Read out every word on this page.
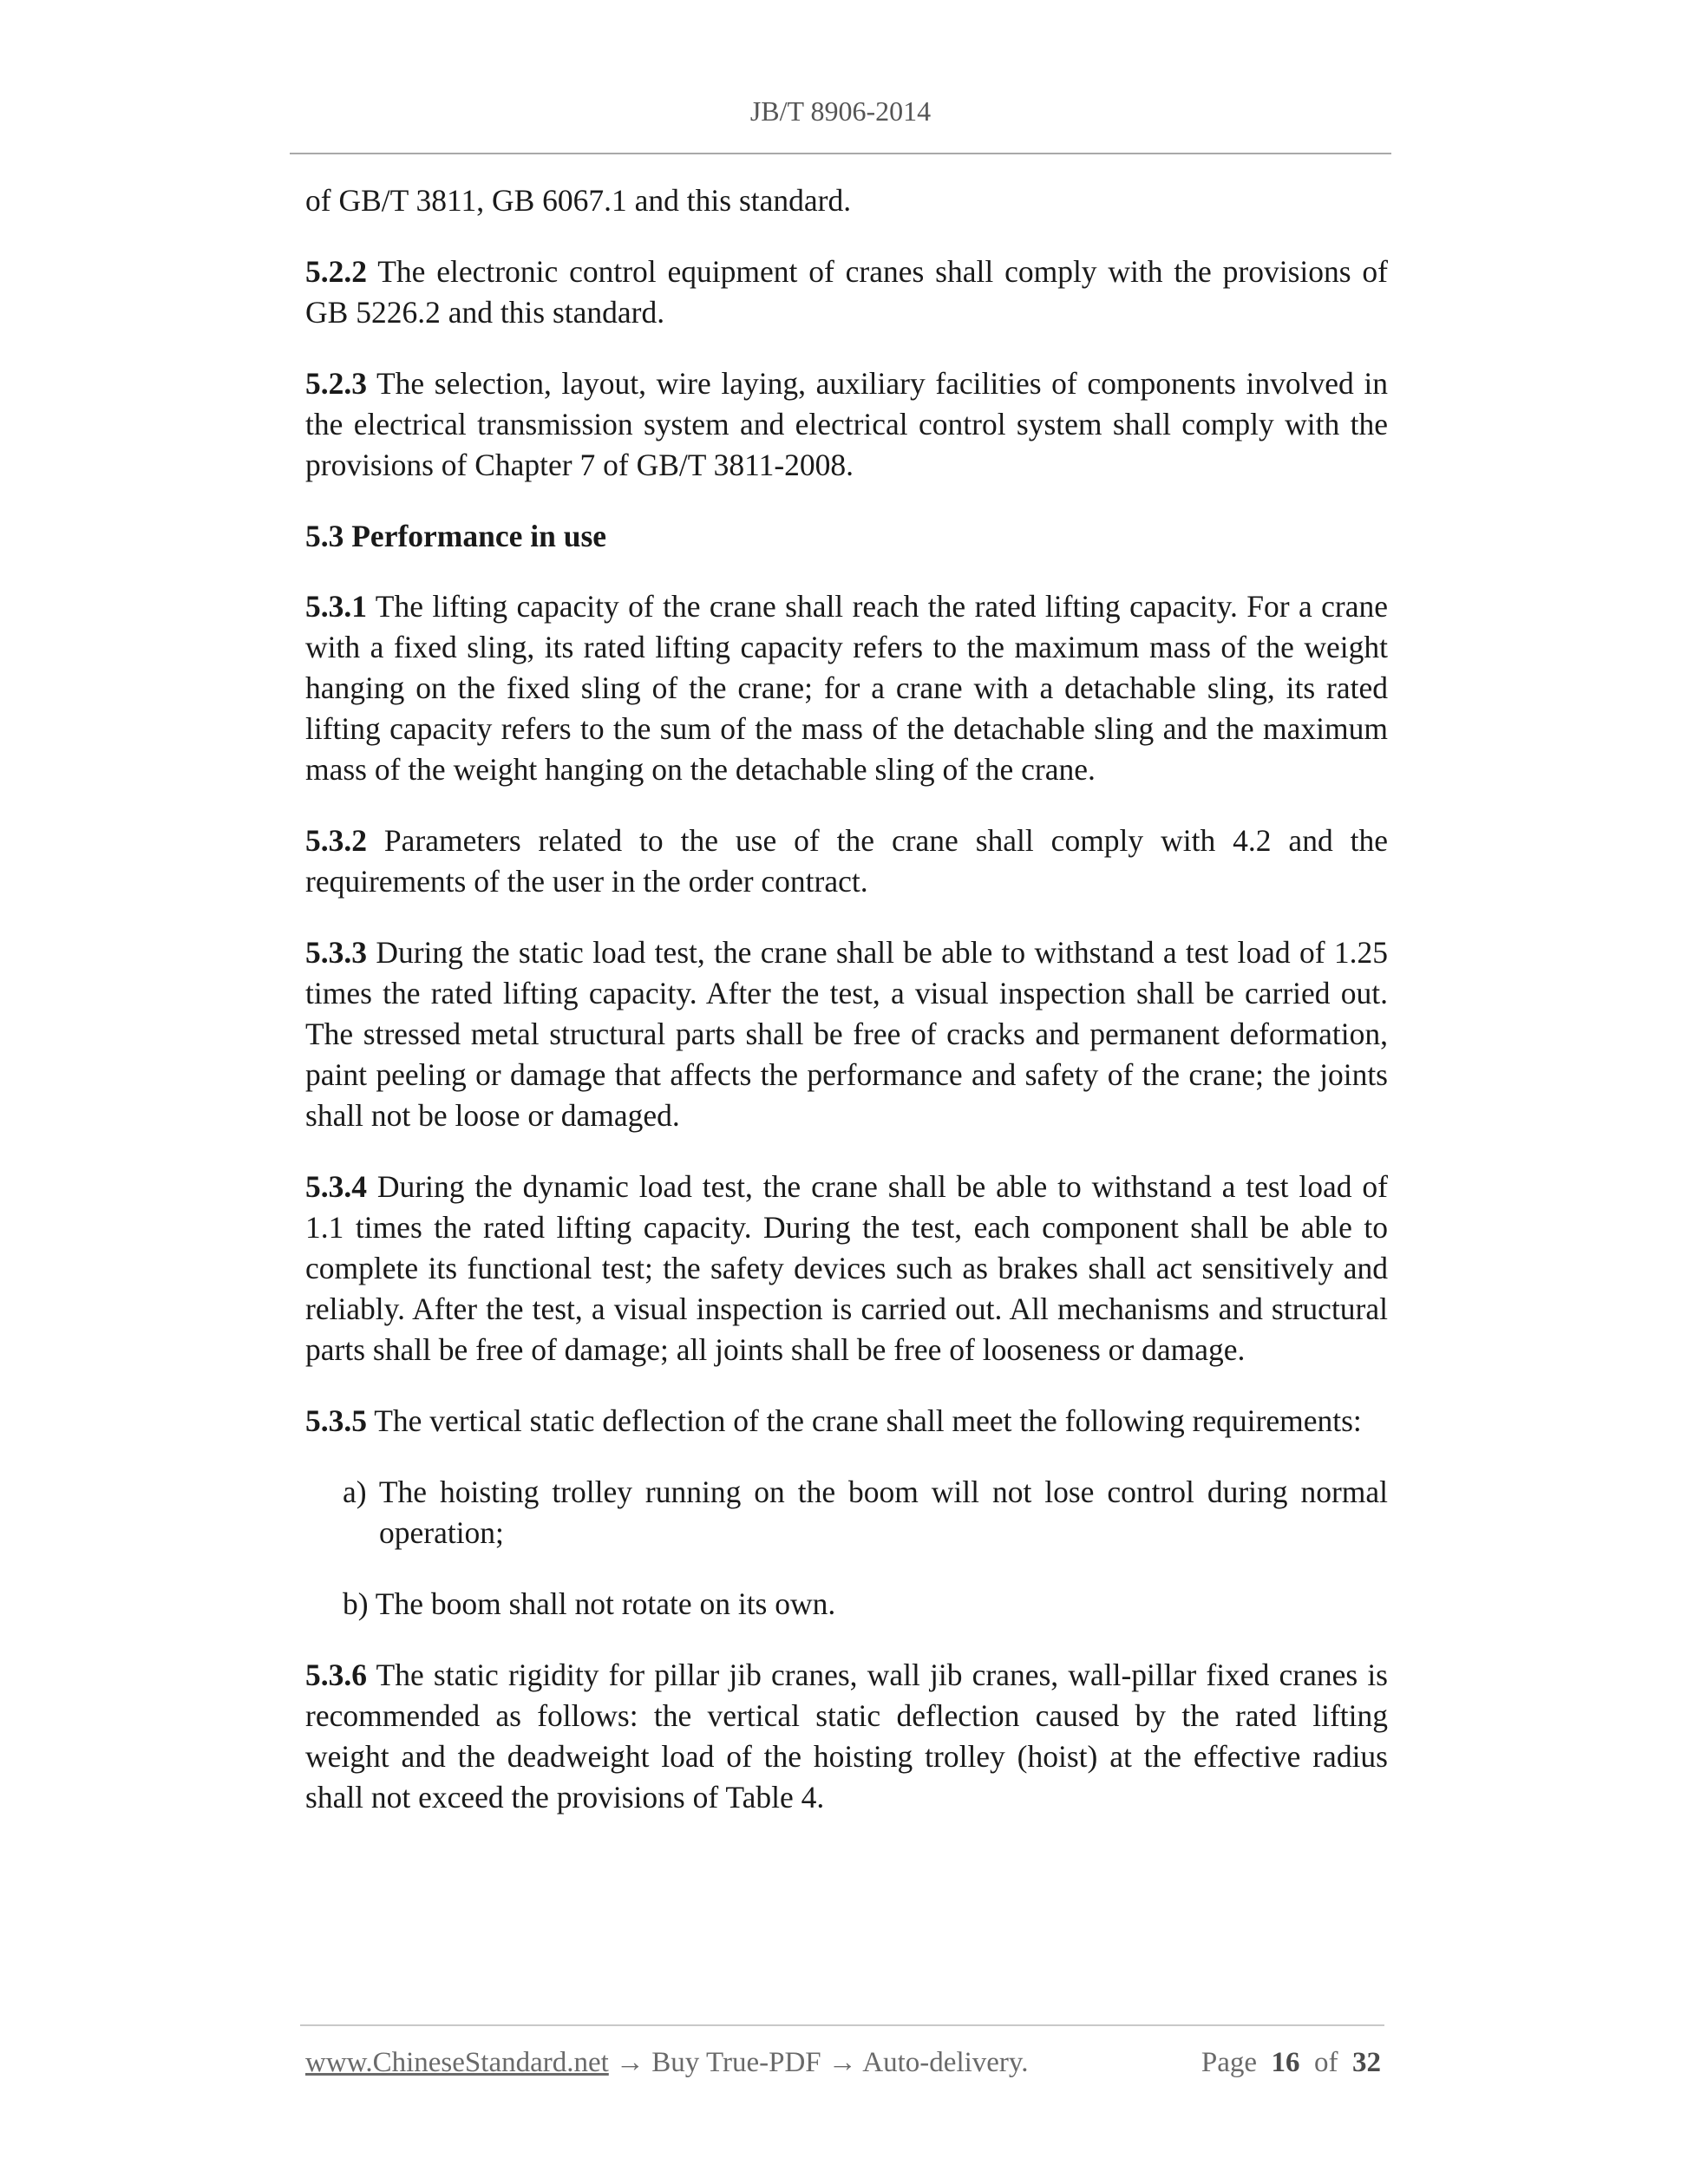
JB/T 8906-2014

of GB/T 3811, GB 6067.1 and this standard.

5.2.2 The electronic control equipment of cranes shall comply with the provisions of GB 5226.2 and this standard.

5.2.3 The selection, layout, wire laying, auxiliary facilities of components involved in the electrical transmission system and electrical control system shall comply with the provisions of Chapter 7 of GB/T 3811-2008.

5.3 Performance in use

5.3.1 The lifting capacity of the crane shall reach the rated lifting capacity. For a crane with a fixed sling, its rated lifting capacity refers to the maximum mass of the weight hanging on the fixed sling of the crane; for a crane with a detachable sling, its rated lifting capacity refers to the sum of the mass of the detachable sling and the maximum mass of the weight hanging on the detachable sling of the crane.

5.3.2 Parameters related to the use of the crane shall comply with 4.2 and the requirements of the user in the order contract.

5.3.3 During the static load test, the crane shall be able to withstand a test load of 1.25 times the rated lifting capacity. After the test, a visual inspection shall be carried out. The stressed metal structural parts shall be free of cracks and permanent deformation, paint peeling or damage that affects the performance and safety of the crane; the joints shall not be loose or damaged.

5.3.4 During the dynamic load test, the crane shall be able to withstand a test load of 1.1 times the rated lifting capacity. During the test, each component shall be able to complete its functional test; the safety devices such as brakes shall act sensitively and reliably. After the test, a visual inspection is carried out. All mechanisms and structural parts shall be free of damage; all joints shall be free of looseness or damage.

5.3.5 The vertical static deflection of the crane shall meet the following requirements:

a) The hoisting trolley running on the boom will not lose control during normal operation;

b) The boom shall not rotate on its own.

5.3.6 The static rigidity for pillar jib cranes, wall jib cranes, wall-pillar fixed cranes is recommended as follows: the vertical static deflection caused by the rated lifting weight and the deadweight load of the hoisting trolley (hoist) at the effective radius shall not exceed the provisions of Table 4.

www.ChineseStandard.net → Buy True-PDF → Auto-delivery.	Page 16 of 32
